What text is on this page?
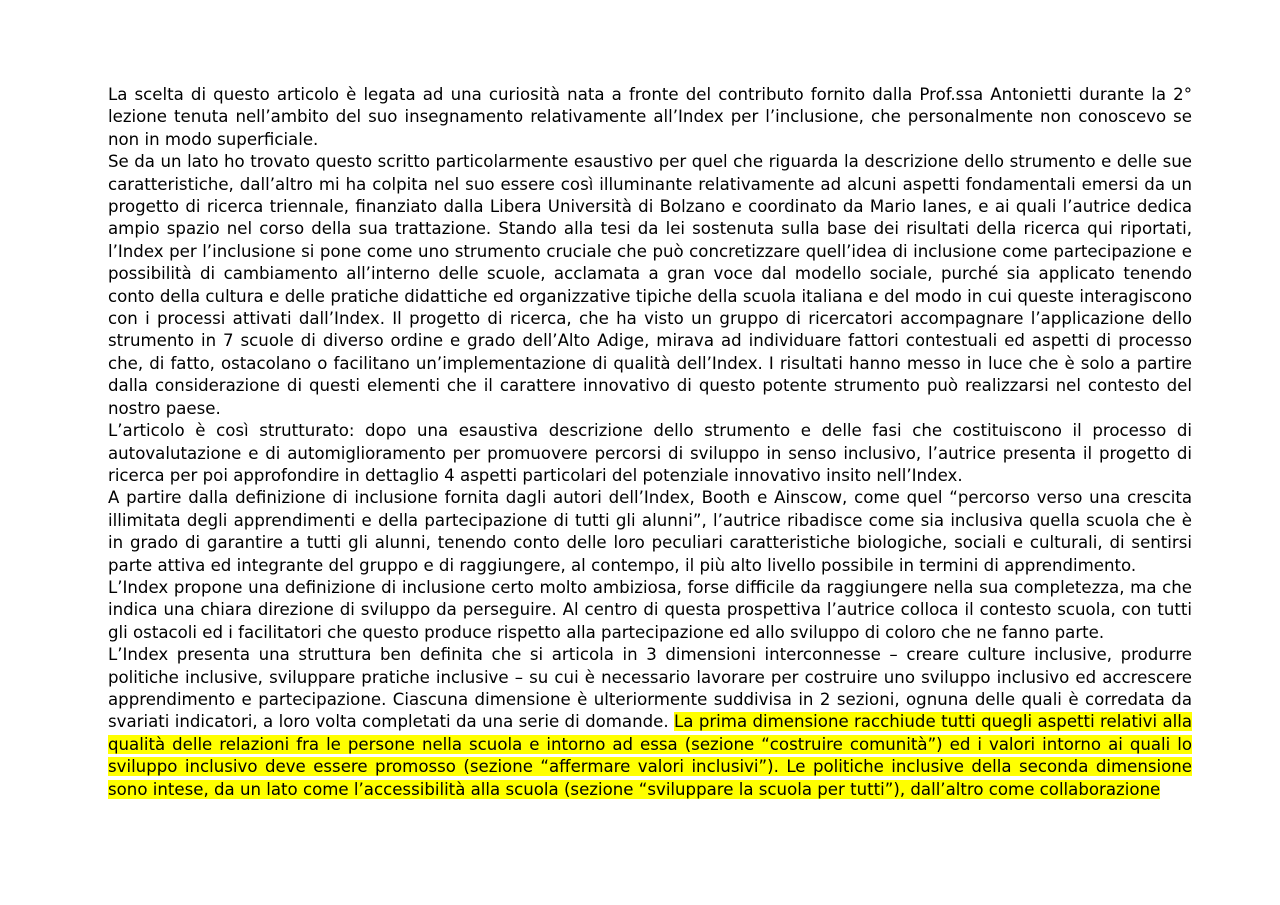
La scelta di questo articolo è legata ad una curiosità nata a fronte del contributo fornito dalla Prof.ssa Antonietti durante la 2° lezione tenuta nell’ambito del suo insegnamento relativamente all’Index per l’inclusione, che personalmente non conoscevo se non in modo superficiale.

Se da un lato ho trovato questo scritto particolarmente esaustivo per quel che riguarda la descrizione dello strumento e delle sue caratteristiche, dall’altro mi ha colpita nel suo essere così illuminante relativamente ad alcuni aspetti fondamentali emersi da un progetto di ricerca triennale, finanziato dalla Libera Università di Bolzano e coordinato da Mario Ianes, e ai quali l’autrice dedica ampio spazio nel corso della sua trattazione. Stando alla tesi da lei sostenuta sulla base dei risultati della ricerca qui riportati, l’Index per l’inclusione si pone come uno strumento cruciale che può concretizzare quell’idea di inclusione come partecipazione e possibilità di cambiamento all’interno delle scuole, acclamata a gran voce dal modello sociale, purché sia applicato tenendo conto della cultura e delle pratiche didattiche ed organizzative tipiche della scuola italiana e del modo in cui queste interagiscono con i processi attivati dall’Index. Il progetto di ricerca, che ha visto un gruppo di ricercatori accompagnare l’applicazione dello strumento in 7 scuole di diverso ordine e grado dell’Alto Adige, mirava ad individuare fattori contestuali ed aspetti di processo che, di fatto, ostacolano o facilitano un’implementazione di qualità dell’Index. I risultati hanno messo in luce che è solo a partire dalla considerazione di questi elementi che il carattere innovativo di questo potente strumento può realizzarsi nel contesto del nostro paese.

L’articolo è così strutturato: dopo una esaustiva descrizione dello strumento e delle fasi che costituiscono il processo di autovalutazione e di automiglioramento per promuovere percorsi di sviluppo in senso inclusivo, l’autrice presenta il progetto di ricerca per poi approfondire in dettaglio 4 aspetti particolari del potenziale innovativo insito nell’Index.

A partire dalla definizione di inclusione fornita dagli autori dell’Index, Booth e Ainscow, come quel “percorso verso una crescita illimitata degli apprendimenti e della partecipazione di tutti gli alunni”, l’autrice ribadisce come sia inclusiva quella scuola che è in grado di garantire a tutti gli alunni, tenendo conto delle loro peculiari caratteristiche biologiche, sociali e culturali, di sentirsi parte attiva ed integrante del gruppo e di raggiungere, al contempo, il più alto livello possibile in termini di apprendimento.

L’Index propone una definizione di inclusione certo molto ambiziosa, forse difficile da raggiungere nella sua completezza, ma che indica una chiara direzione di sviluppo da perseguire. Al centro di questa prospettiva l’autrice colloca il contesto scuola, con tutti gli ostacoli ed i facilitatori che questo produce rispetto alla partecipazione ed allo sviluppo di coloro che ne fanno parte.

L’Index presenta una struttura ben definita che si articola in 3 dimensioni interconnesse – creare culture inclusive, produrre politiche inclusive, sviluppare pratiche inclusive – su cui è necessario lavorare per costruire uno sviluppo inclusivo ed accrescere apprendimento e partecipazione. Ciascuna dimensione è ulteriormente suddivisa in 2 sezioni, ognuna delle quali è corredata da svariati indicatori, a loro volta completati da una serie di domande. La prima dimensione racchiude tutti quegli aspetti relativi alla qualità delle relazioni fra le persone nella scuola e intorno ad essa (sezione “costruire comunità”) ed i valori intorno ai quali lo sviluppo inclusivo deve essere promosso (sezione “affermare valori inclusivi”). Le politiche inclusive della seconda dimensione sono intese, da un lato come l’accessibilità alla scuola (sezione “sviluppare la scuola per tutti”), dall’altro come collaborazione
